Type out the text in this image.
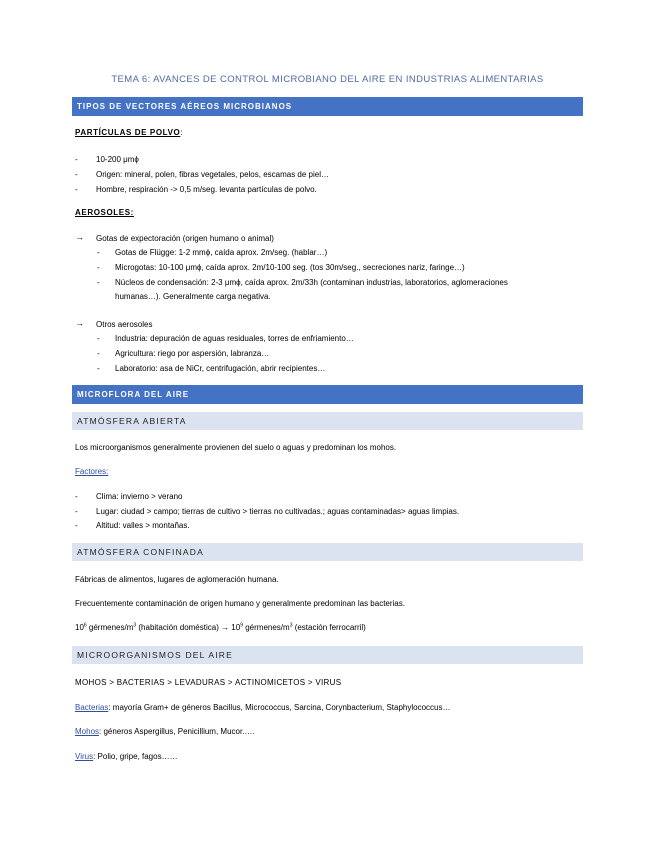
TEMA 6: AVANCES DE CONTROL MICROBIANO DEL AIRE EN INDUSTRIAS ALIMENTARIAS
TIPOS DE VECTORES AÉREOS MICROBIANOS
PARTÍCULAS DE POLVO:
- 10-200 μmϕ
- Origen: mineral, polen, fibras vegetales, pelos, escamas de piel…
- Hombre, respiración -> 0,5 m/seg. levanta partículas de polvo.
AEROSOLES:
→ Gotas de expectoración (origen humano o animal)
- Gotas de Flügge: 1-2 mmϕ, caída aprox. 2m/seg. (hablar…)
- Microgotas: 10-100 μmϕ, caída aprox. 2m/10-100 seg. (tos 30m/seg., secreciones nariz, faringe…)
- Núcleos de condensación: 2-3 μmϕ, caída aprox. 2m/33h (contaminan industrias, laboratorios, aglomeraciones
humanas…). Generalmente carga negativa.
→ Otros aerosoles
- Industria: depuración de aguas residuales, torres de enfriamiento…
- Agricultura: riego por aspersión, labranza…
- Laboratorio: asa de NiCr, centrifugación, abrir recipientes…
MICROFLORA DEL AIRE
ATMÓSFERA ABIERTA
Los microorganismos generalmente provienen del suelo o aguas y predominan los mohos.
Factores:
- Clima: invierno > verano
- Lugar: ciudad > campo; tierras de cultivo > tierras no cultivadas.; aguas contaminadas> aguas limpias.
- Altitud: valles > montañas.
ATMÓSFERA CONFINADA
Fábricas de alimentos, lugares de aglomeración humana.
Frecuentemente contaminación de origen humano y generalmente predominan las bacterias.
$10^6$ gérmenes/$m^3$ (habitación doméstica) → $10^9$ gérmenes/$m^3$ (estación ferrocarril)
MICROORGANISMOS DEL AIRE
MOHOS > BACTERIAS > LEVADURAS > ACTINOMICETOS > VIRUS
Bacterias: mayoría Gram+ de géneros Bacillus, Micrococcus, Sarcina, Corynbacterium, Staphylococcus…
Mohos: géneros Aspergillus, Penicillium, Mucor.….
Virus: Polio, gripe, fagos……
